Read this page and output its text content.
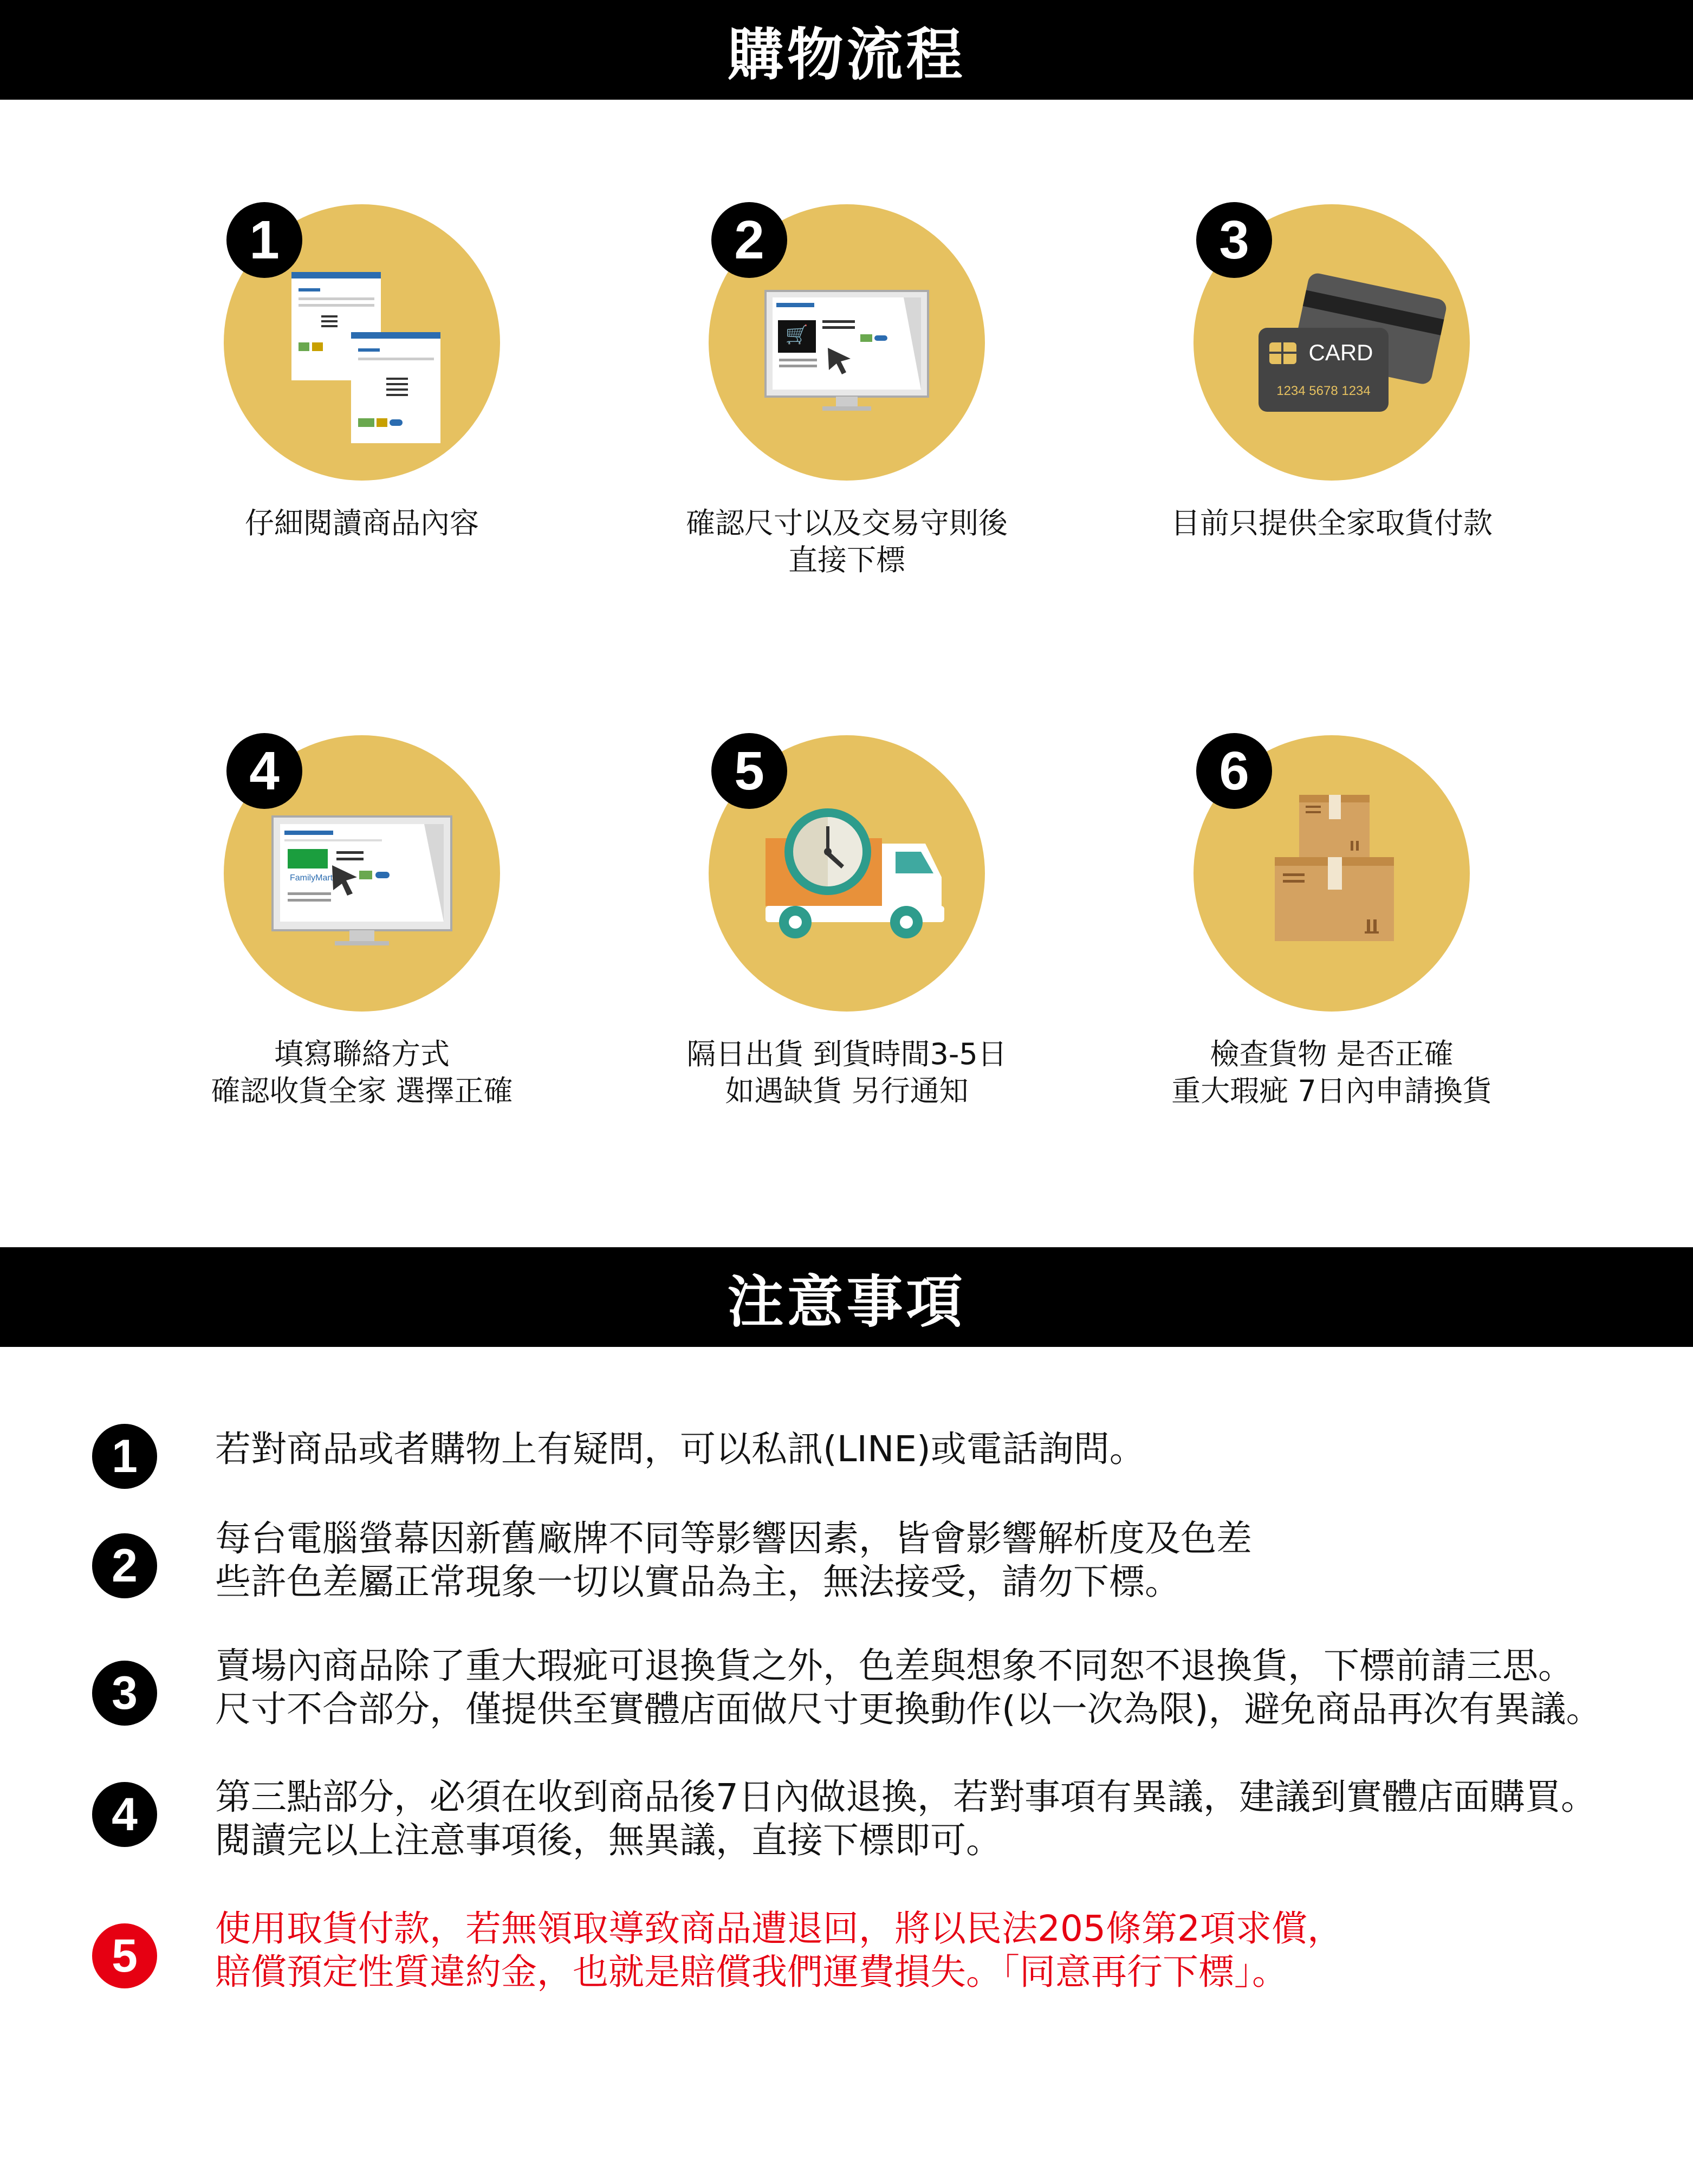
購物流程
1
仔細閱讀商品內容
🛒
2
確認尺寸以及交易守則後
直接下標
CARD
1234 5678 1234
3
目前只提供全家取貨付款
FamilyMart
4
填寫聯絡方式
確認收貨全家 選擇正確
5
隔日出貨 到貨時間3-5日
如遇缺貨 另行通知
6
檢查貨物 是否正確
重大瑕疵 7日內申請換貨
注意事項
1	若對商品或者購物上有疑問，可以私訊(LINE)或電話詢問。
2
每台電腦螢幕因新舊廠牌不同等影響因素，皆會影響解析度及色差
些許色差屬正常現象一切以實品為主，無法接受，請勿下標。
3
賣場內商品除了重大瑕疵可退換貨之外，色差與想象不同恕不退換貨，下標前請三思。
尺寸不合部分，僅提供至實體店面做尺寸更換動作(以一次為限)，避免商品再次有異議。
4	第三點部分，必須在收到商品後7日內做退換，若對事項有異議，建議到實體店面購買。
閱讀完以上注意事項後，無異議，直接下標即可。
5
使用取貨付款，若無領取導致商品遭退回，將以民法205條第2項求償，
賠償預定性質違約金，也就是賠償我們運費損失。「同意再行下標」。
